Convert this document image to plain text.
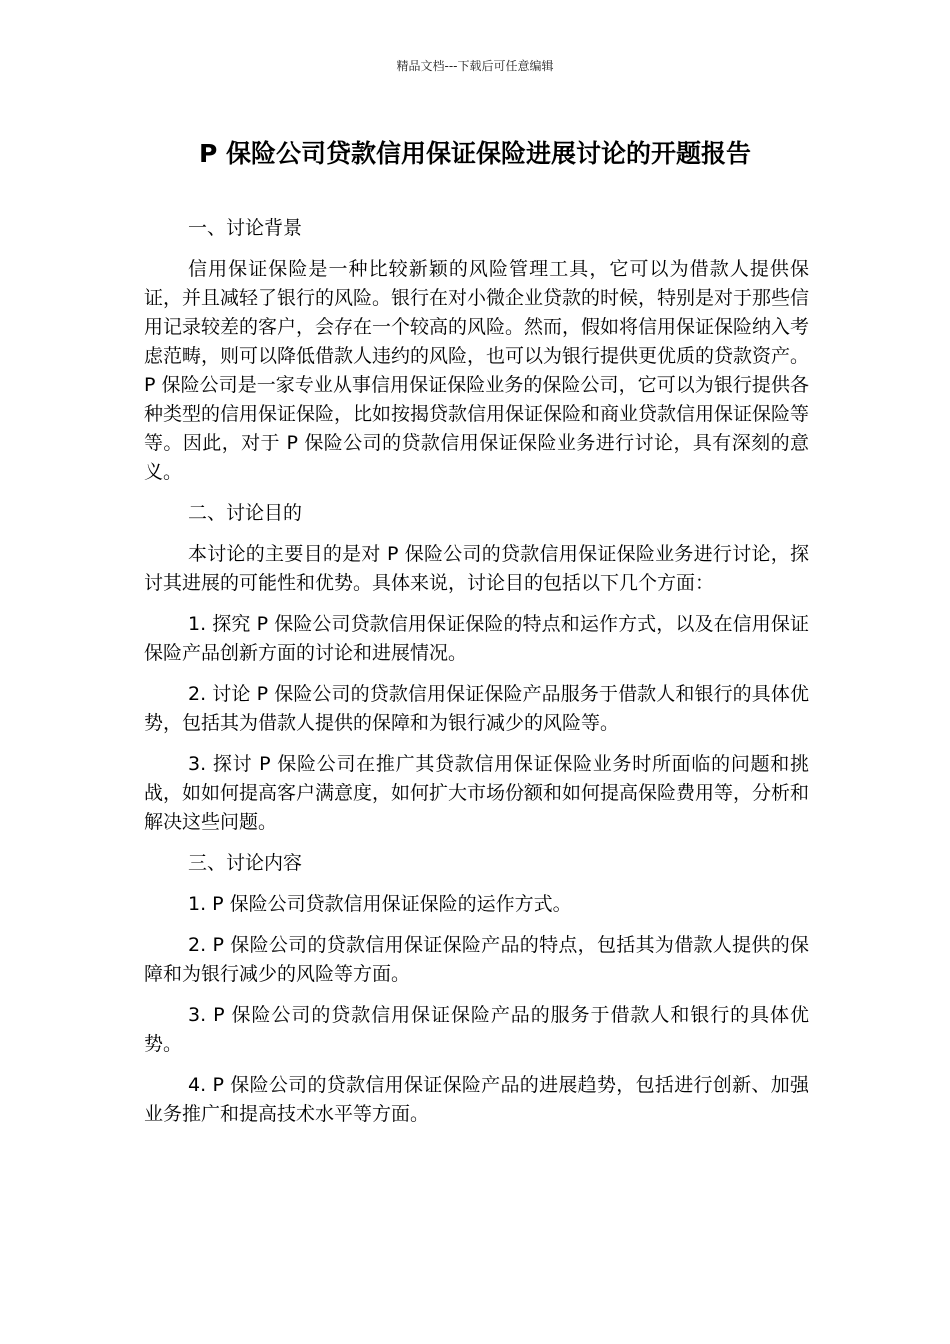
精品文档---下载后可任意编辑
P 保险公司贷款信用保证保险进展讨论的开题报告

一、讨论背景

信用保证保险是一种比较新颖的风险管理工具，它可以为借款人提供保证，并且减轻了银行的风险。银行在对小微企业贷款的时候，特别是对于那些信用记录较差的客户，会存在一个较高的风险。然而，假如将信用保证保险纳入考虑范畴，则可以降低借款人违约的风险，也可以为银行提供更优质的贷款资产。P 保险公司是一家专业从事信用保证保险业务的保险公司，它可以为银行提供各种类型的信用保证保险，比如按揭贷款信用保证保险和商业贷款信用保证保险等等。因此，对于 P 保险公司的贷款信用保证保险业务进行讨论，具有深刻的意义。

二、讨论目的

本讨论的主要目的是对 P 保险公司的贷款信用保证保险业务进行讨论，探讨其进展的可能性和优势。具体来说，讨论目的包括以下几个方面：

1. 探究 P 保险公司贷款信用保证保险的特点和运作方式，以及在信用保证保险产品创新方面的讨论和进展情况。

2. 讨论 P 保险公司的贷款信用保证保险产品服务于借款人和银行的具体优势，包括其为借款人提供的保障和为银行减少的风险等。

3. 探讨 P 保险公司在推广其贷款信用保证保险业务时所面临的问题和挑战，如如何提高客户满意度，如何扩大市场份额和如何提高保险费用等，分析和解决这些问题。

三、讨论内容

1. P 保险公司贷款信用保证保险的运作方式。

2. P 保险公司的贷款信用保证保险产品的特点，包括其为借款人提供的保障和为银行减少的风险等方面。

3. P 保险公司的贷款信用保证保险产品的服务于借款人和银行的具体优势。

4. P 保险公司的贷款信用保证保险产品的进展趋势，包括进行创新、加强业务推广和提高技术水平等方面。
